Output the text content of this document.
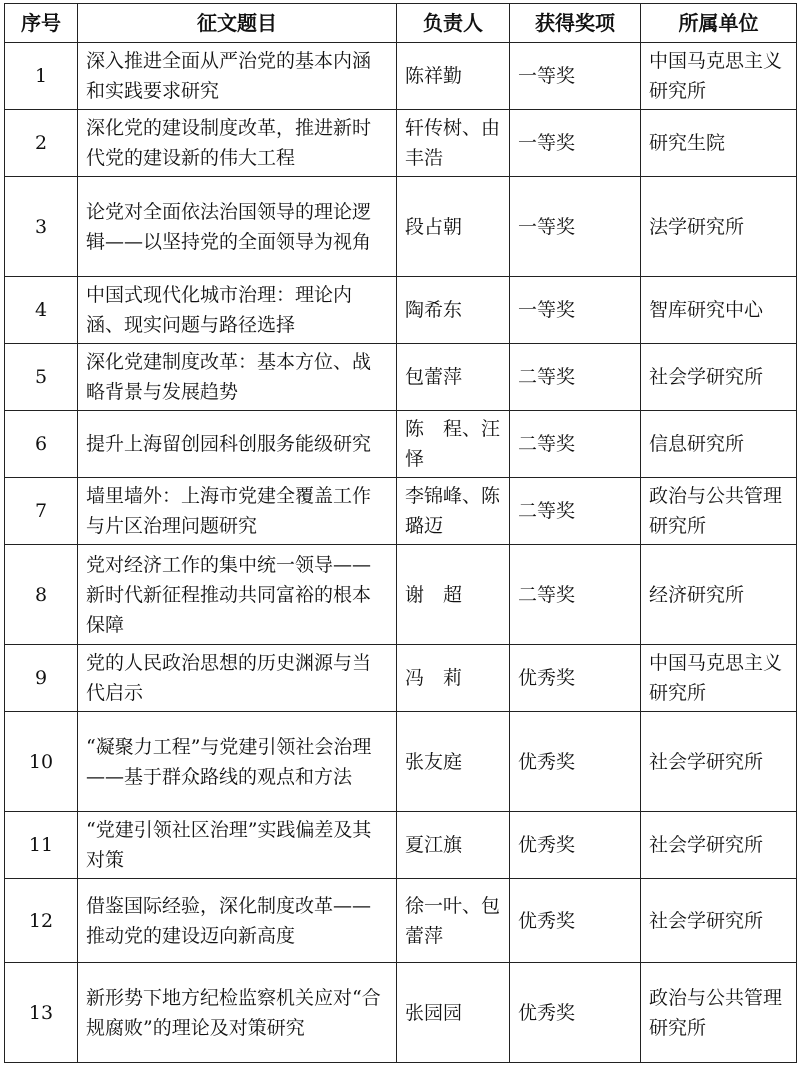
序号	征文题目	负责人	获得奖项	所属单位
1	深入推进全面从严治党的基本内涵和实践要求研究	陈祥勤	一等奖	中国马克思主义研究所
2	深化党的建设制度改革，推进新时代党的建设新的伟大工程	轩传树、由丰浩	一等奖	研究生院
3	论党对全面依法治国领导的理论逻辑——以坚持党的全面领导为视角	段占朝	一等奖	法学研究所
4	中国式现代化城市治理：理论内涵、现实问题与路径选择	陶希东	一等奖	智库研究中心
5	深化党建制度改革：基本方位、战略背景与发展趋势	包蕾萍	二等奖	社会学研究所
6	提升上海留创园科创服务能级研究	陈　程、汪　怿	二等奖	信息研究所
7	墙里墙外：上海市党建全覆盖工作与片区治理问题研究	李锦峰、陈璐迈	二等奖	政治与公共管理研究所
8	党对经济工作的集中统一领导——新时代新征程推动共同富裕的根本保障	谢　超	二等奖	经济研究所
9	党的人民政治思想的历史渊源与当代启示	冯　莉	优秀奖	中国马克思主义研究所
10	“凝聚力工程”与党建引领社会治理——基于群众路线的观点和方法	张友庭	优秀奖	社会学研究所
11	“党建引领社区治理”实践偏差及其对策	夏江旗	优秀奖	社会学研究所
12	借鉴国际经验，深化制度改革——推动党的建设迈向新高度	徐一叶、包蕾萍	优秀奖	社会学研究所
13	新形势下地方纪检监察机关应对“合规腐败”的理论及对策研究	张园园	优秀奖	政治与公共管理研究所
